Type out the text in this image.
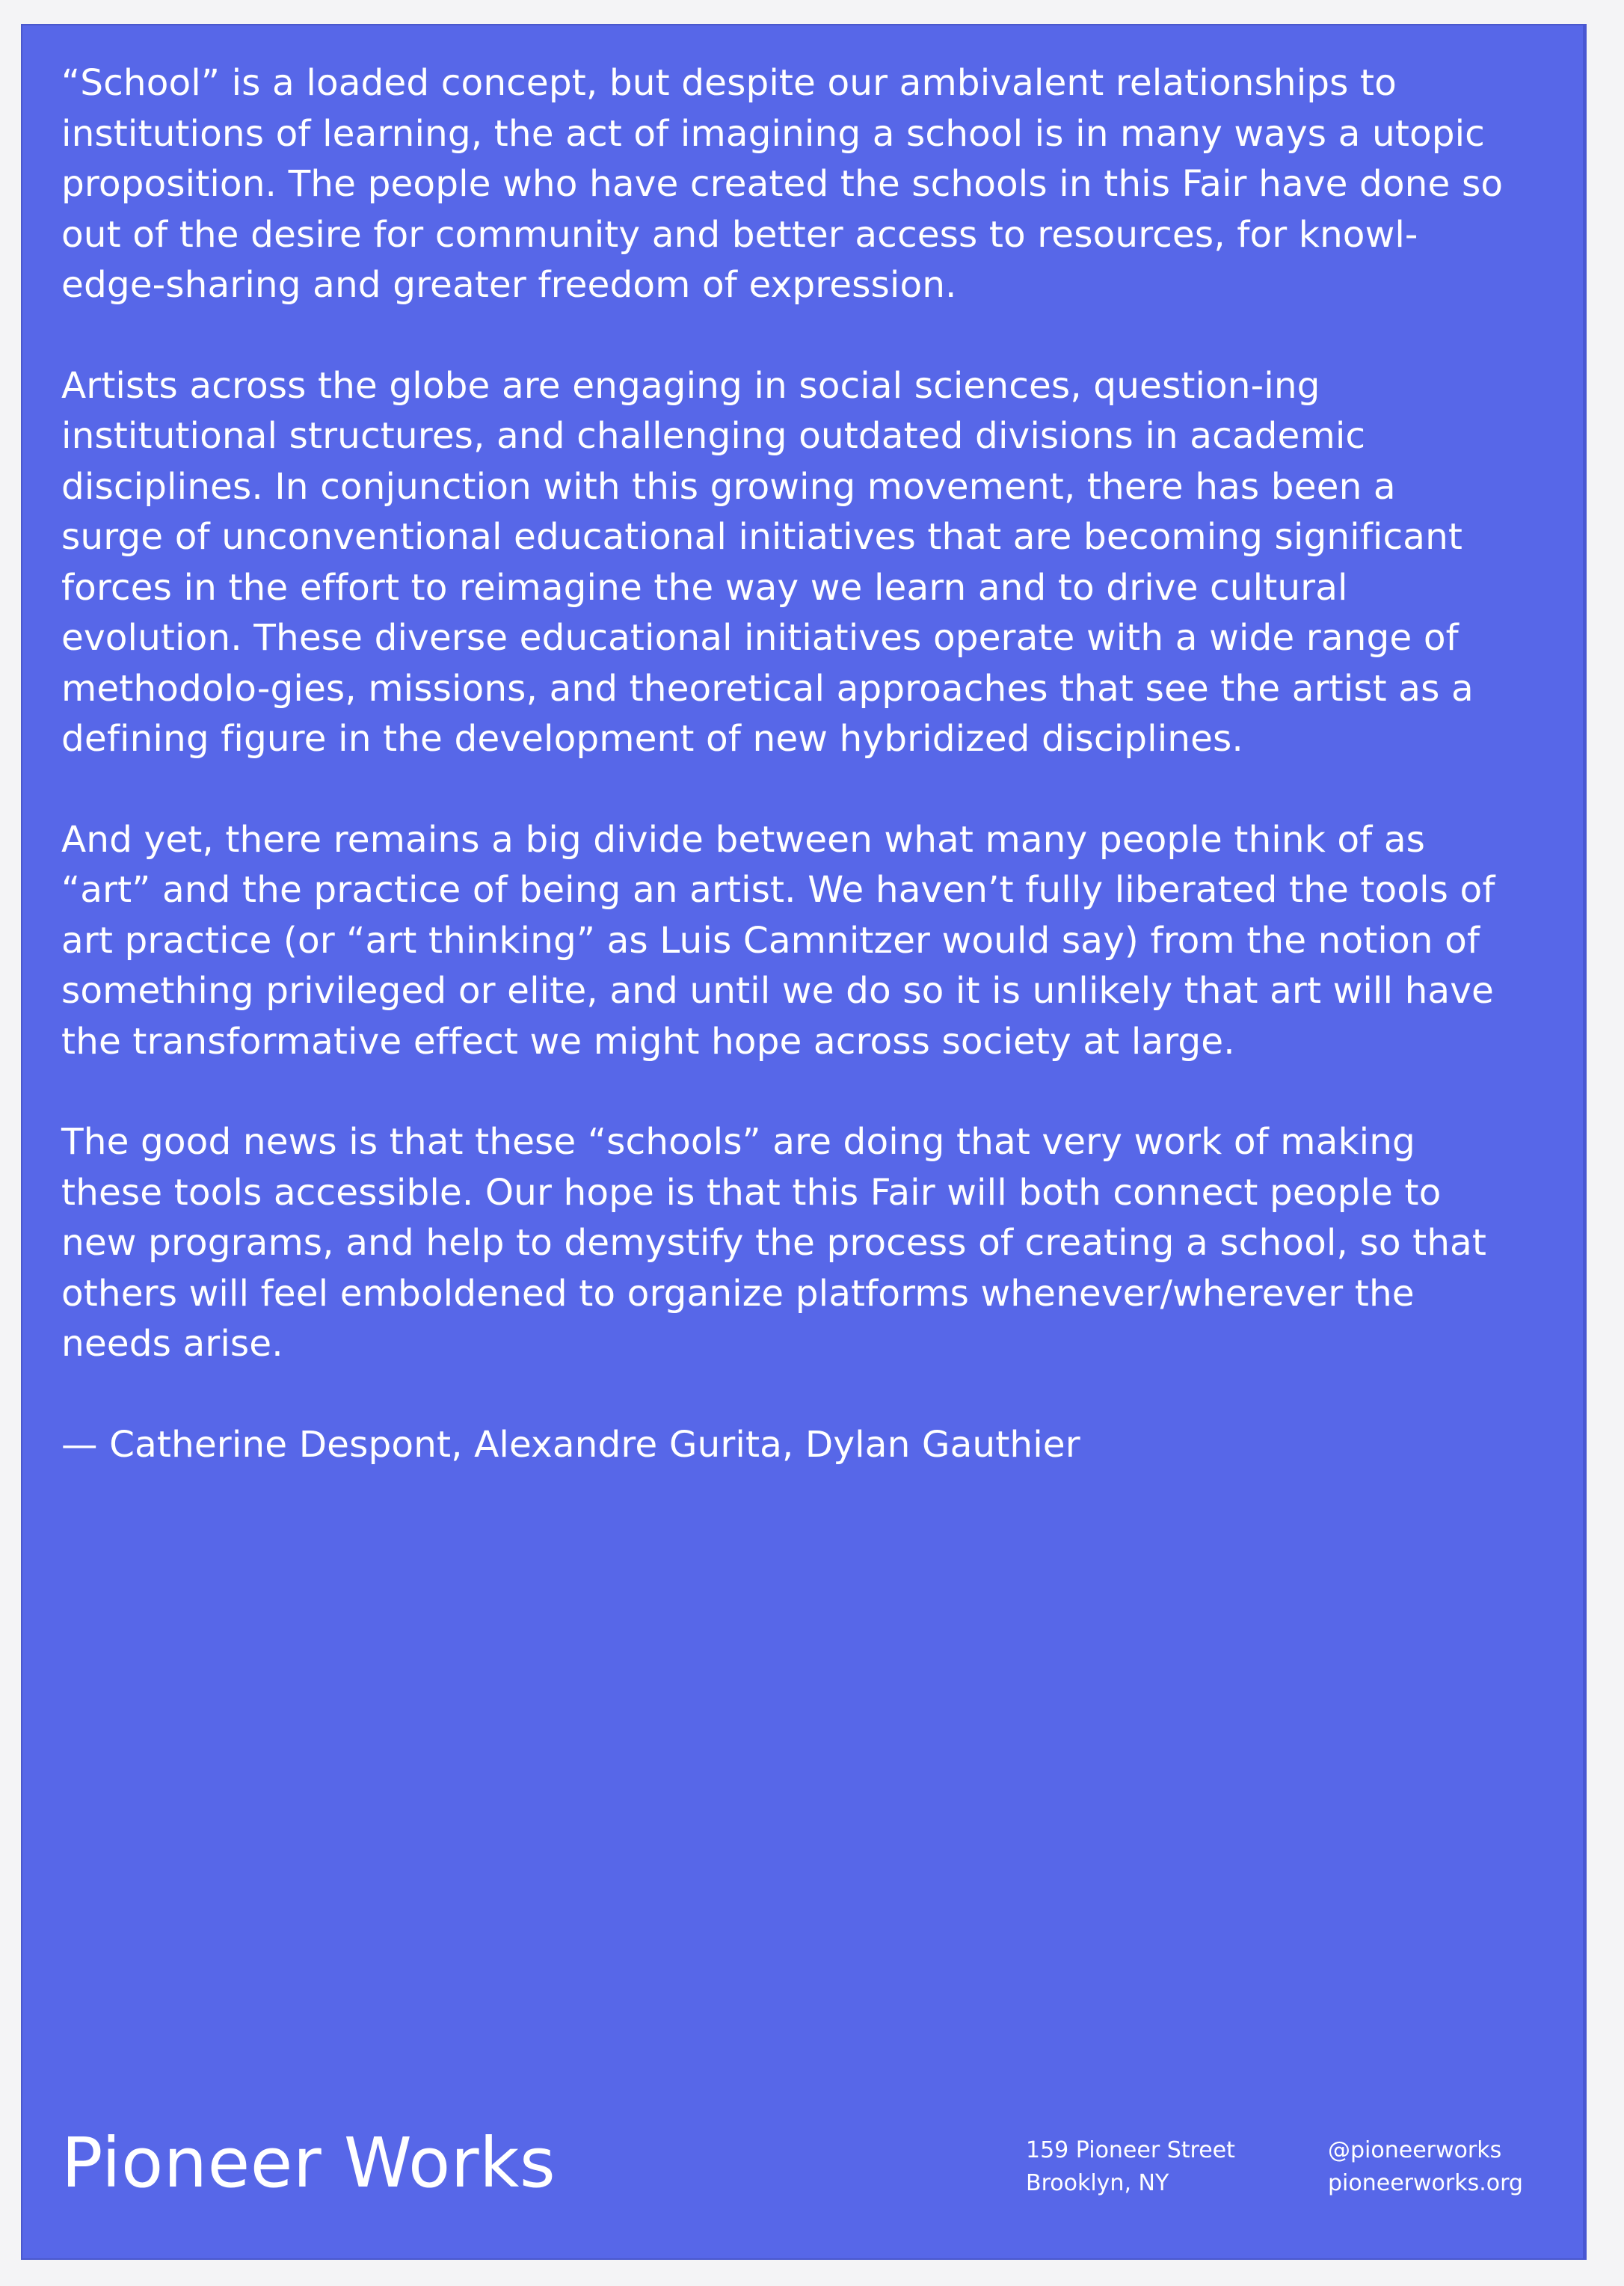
“School” is a loaded concept, but despite our ambivalent relationships to institutions of learning, the act of imagining a school is in many ways a utopic proposition. The people who have created the schools in this Fair have done so out of the desire for community and better access to resources, for knowl-edge-sharing and greater freedom of expression.

Artists across the globe are engaging in social sciences, question-ing institutional structures, and challenging outdated divisions in academic disciplines. In conjunction with this growing movement, there has been a surge of unconventional educational initiatives that are becoming significant forces in the effort to reimagine the way we learn and to drive cultural evolution. These diverse educational initiatives operate with a wide range of methodolo-gies, missions, and theoretical approaches that see the artist as a defining figure in the development of new hybridized disciplines.

And yet, there remains a big divide between what many people think of as “art” and the practice of being an artist. We haven’t fully liberated the tools of art practice (or “art thinking” as Luis Camnitzer would say) from the notion of something privileged or elite, and until we do so it is unlikely that art will have the transformative effect we might hope across society at large.

The good news is that these “schools” are doing that very work of making these tools accessible. Our hope is that this Fair will both connect people to new programs, and help to demystify the process of creating a school, so that others will feel emboldened to organize platforms whenever/wherever the needs arise.

— Catherine Despont, Alexandre Gurita, Dylan Gauthier

Pioneer Works	159 Pioneer Street
Brooklyn, NY
@pioneerworks
pioneerworks.org
